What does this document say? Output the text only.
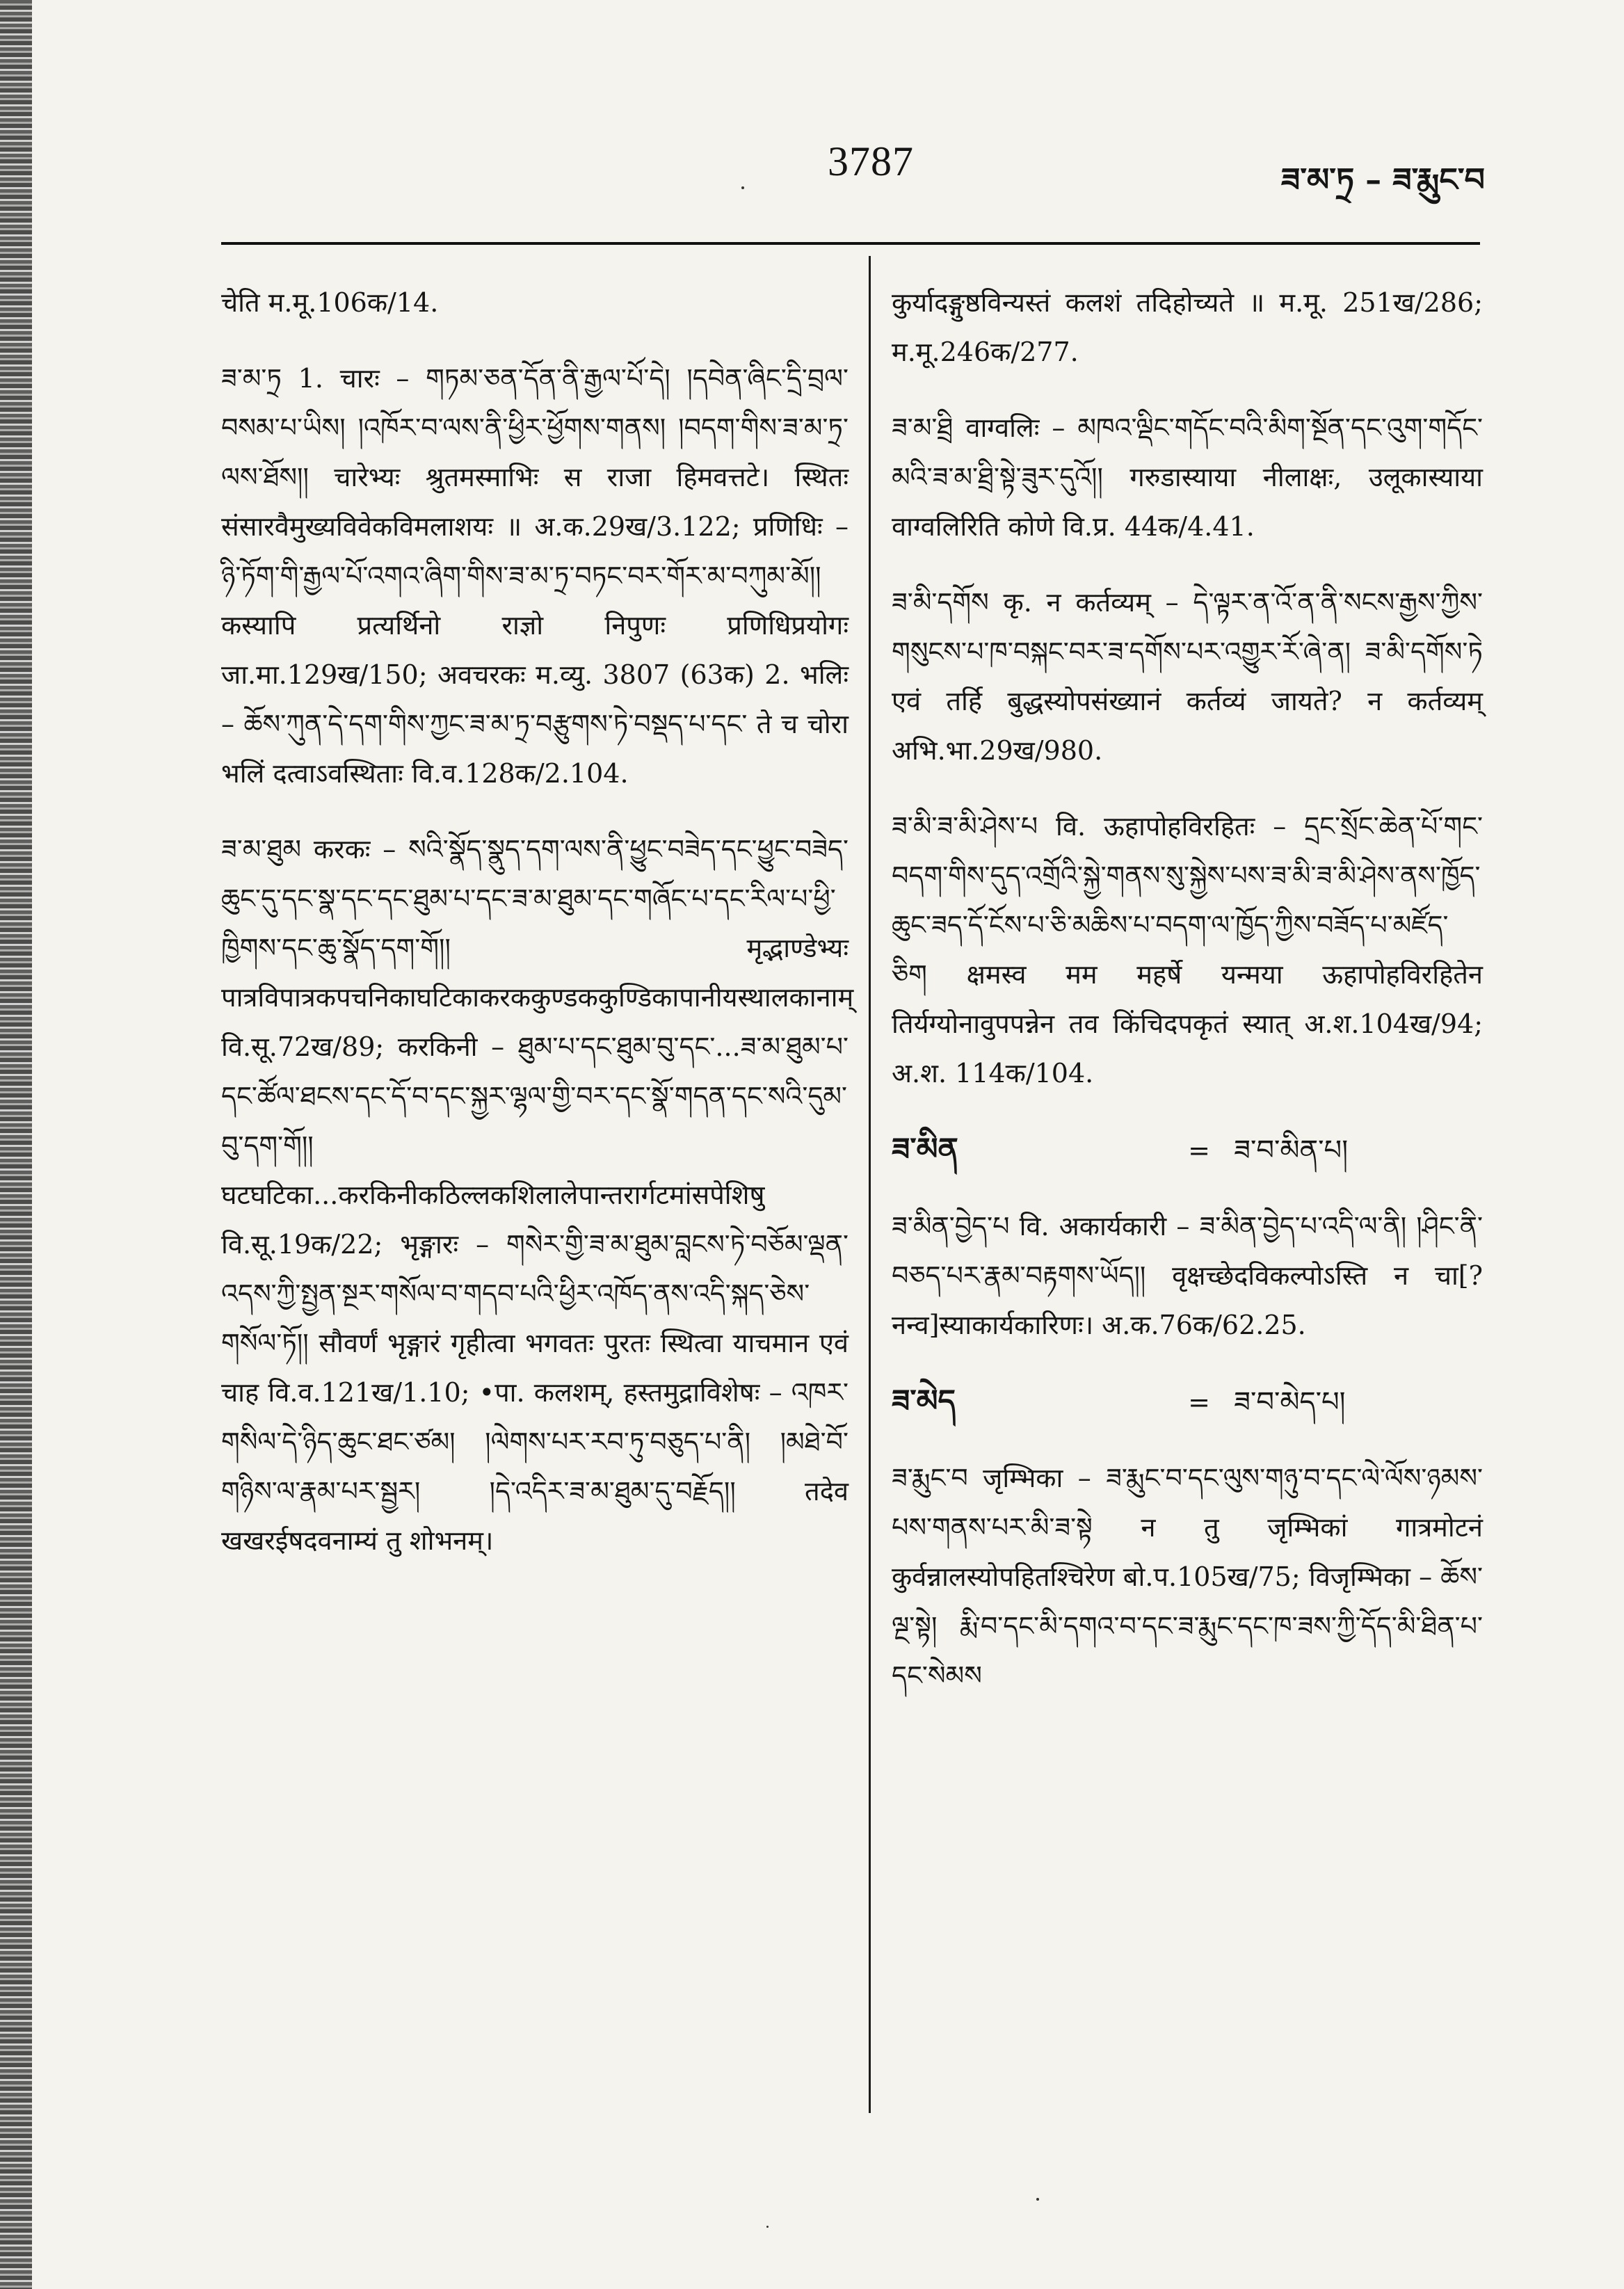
3787	ཟ་མ་ཏྲ – ཟ་རྨུང་བ
चेति म.मू.106क/14.
ཟ་མ་ཏྲ 1. चारः – གཏམ་ཅན་དོན་ནི་རྒྱལ་པོ་དེ། །དབེན་ཞིང་དྲི་བྲལ་བསམ་པ་ཡིས། །འཁོར་བ་ལས་ནི་ཕྱིར་ཕྱོགས་གནས། །བདག་གིས་ཟ་མ་ཏྲ་ལས་ཐོས།། चारेभ्यः श्रुतमस्माभिः स राजा हिमवत्तटे। स्थितः संसारवैमुख्यविवेकविमलाशयः ॥ अ.क.29ख/3.122; प्रणिधिः – ཉི་ཏོག་གི་རྒྱལ་པོ་འགའ་ཞིག་གིས་ཟ་མ་ཏྲ་བཏང་བར་གོར་མ་བཀུམ་མོ།། कस्यापि प्रत्यर्थिनो राज्ञो निपुणः प्रणिधिप्रयोगः जा.मा.129ख/150; अवचरकः म.व्यु. 3807 (63क) 2. भलिः – ཆོས་ཀུན་དེ་དག་གིས་ཀྱང་ཟ་མ་ཏྲ་བརྩུགས་ཏེ་བསྡད་པ་དང་ ते च चोरा भलिं दत्वाऽवस्थिताः वि.व.128क/2.104.
ཟ་མ་ཐུམ करकः – སའི་སྣོད་སྣུད་དག་ལས་ནི་ཕྱུང་བཟེད་དང་ཕྱུང་བཟེད་ཆུང་དུ་དང་སྣ་དང་དང་ཐུམ་པ་དང་ཟ་མ་ཐུམ་དང་གཞོང་པ་དང་རིལ་པ་ཕྱི་ཁྱིགས་དང་ཆུ་སྣོད་དག་གོ།། मृद्भाण्डेभ्यः पात्रविपात्रकपचनिकाघटिकाकरककुण्डककुण्डिकापानीयस्थालकानाम् वि.सू.72ख/89; करकिनी – ཐུམ་པ་དང་ཐུམ་བུ་དང་...ཟ་མ་ཐུམ་པ་དང་ཚོལ་ཐངས་དང་དོ་བ་དང་སྐྱར་ལྷལ་གྱི་བར་དང་སྣོ་གདན་དང་སའི་དུམ་བུ་དག་གོ།། घटघटिका...करकिनीकठिल्लकशिलालेपान्तरार्गटमांसपेशिषु वि.सू.19क/22; भृङ्गारः – གསེར་གྱི་ཟ་མ་ཐུམ་བླངས་ཏེ་བཅོམ་ལྡན་འདས་ཀྱི་སྤྱན་སྔར་གསོལ་བ་གདབ་པའི་ཕྱིར་འཁོད་ནས་འདི་སྐད་ཅེས་གསོལ་ཏོ།། सौवर्णं भृङ्गारं गृहीत्वा भगवतः पुरतः स्थित्वा याचमान एवं चाह वि.व.121ख/1.10; •पा. कलशम्, हस्तमुद्राविशेषः – འཁར་གསིལ་དེ་ཉིད་ཆུང་ཐང་ཙམ། །ལེགས་པར་རབ་ཏུ་བཅུད་པ་ནི། །མཐེ་བོ་གཉིས་ལ་རྣམ་པར་སྦྱར། །དེ་འདིར་ཟ་མ་ཐུམ་དུ་བརྗོད།། तदेव खखरईषदवनाम्यं तु शोभनम्।
कुर्यादङ्गुष्ठविन्यस्तं कलशं तदिहोच्यते ॥ म.मू. 251ख/286; म.मू.246क/277.
ཟ་མ་ཐྲི वाग्वलिः – མཁའ་ལྡིང་གདོང་བའི་མིག་སྔོན་དང་འུག་གདོང་མའི་ཟ་མ་ཐྲི་སྟེ་ཟུར་དུའོ།། गरुडास्याया नीलाक्षः, उलूकास्याया वाग्वलिरिति कोणे वि.प्र. 44क/4.41.
ཟ་མི་དགོས कृ. न कर्तव्यम् – དེ་ལྟར་ན་འོ་ན་ནི་སངས་རྒྱས་ཀྱིས་གསུངས་པ་ཁ་བསྐང་བར་ཟ་དགོས་པར་འགྱུར་རོ་ཞེ་ན། ཟ་མི་དགོས་ཏེ एवं तर्हि बुद्धस्योपसंख्यानं कर्तव्यं जायते? न कर्तव्यम् अभि.भा.29ख/980.
ཟ་མི་ཟ་མི་ཤེས་པ वि. ऊहापोहविरहितः – དྲང་སྲོང་ཆེན་པོ་གང་བདག་གིས་དུད་འགྲོའི་སྐྱེ་གནས་སུ་སྐྱེས་པས་ཟ་མི་ཟ་མི་ཤེས་ནས་ཁྱོད་ཆུང་ཟད་དོ་ངོས་པ་ཅི་མཆིས་པ་བདག་ལ་ཁྱོད་ཀྱིས་བཟོད་པ་མཛོད་ཅིག क्षमस्व मम महर्षे यन्मया ऊहापोहविरहितेन तिर्यग्योनावुपपन्नेन तव किंचिदपकृतं स्यात् अ.श.104ख/94; अ.श. 114क/104.
ཟ་མིན	= ཟ་བ་མིན་པ།
ཟ་མིན་བྱེད་པ वि. अकार्यकारी – ཟ་མིན་བྱེད་པ་འདི་ལ་ནི། །ཤིང་ནི་བཅད་པར་རྣམ་བརྟགས་ཡོད།། वृक्षच्छेदविकल्पोऽस्ति न चा[?नन्व]स्याकार्यकारिणः। अ.क.76क/62.25.
ཟ་མེད	= ཟ་བ་མེད་པ།
ཟ་རྨུང་བ जृम्भिका – ཟ་རྨུང་བ་དང་ལུས་གཉུ་བ་དང་ལེ་ལོས་ཉམས་པས་གནས་པར་མི་ཟ་སྟེ न तु जृम्भिकां गात्रमोटनं कुर्वन्नालस्योपहितश्चिरेण बो.प.105ख/75; विजृम्भिका – ཆོས་ལྔ་སྟེ། རྨི་བ་དང་མི་དགའ་བ་དང་ཟ་རྨུང་དང་ཁ་ཟས་ཀྱི་དོད་མི་ཐིན་པ་དང་སེམས
